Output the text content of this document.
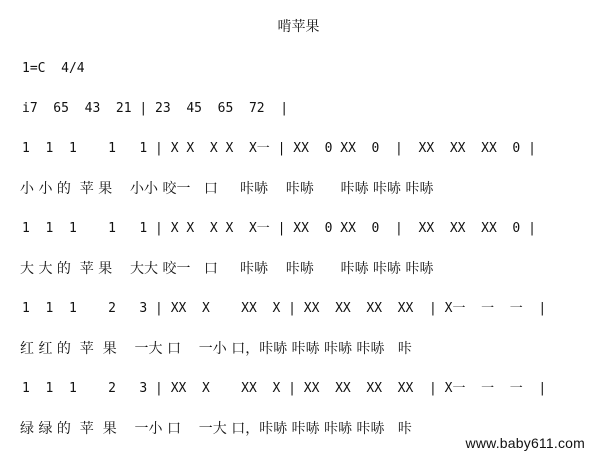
啃苹果
1=C  4/4
i7  65  43  21 | 23  45  65  72  |
1  1  1    1   1 | X X  X X  X一 | XX  0 XX  0  |  XX  XX  XX  0 |
小 小 的  苹 果    小小 咬一   口     咔哧    咔哧      咔哧 咔哧 咔哧
1  1  1    1   1 | X X  X X  X一 | XX  0 XX  0  |  XX  XX  XX  0 |
大 大 的  苹 果    大大 咬一   口     咔哧    咔哧      咔哧 咔哧 咔哧
1  1  1    2   3 | XX  X    XX  X | XX  XX  XX  XX  | X一  一  一  |
红 红 的  苹  果    一大 口    一小 口，咔哧 咔哧 咔哧 咔哧   咔
1  1  1    2   3 | XX  X    XX  X | XX  XX  XX  XX  | X一  一  一  |
绿 绿 的  苹  果    一小 口    一大 口，咔哧 咔哧 咔哧 咔哧   咔
www.baby611.com
